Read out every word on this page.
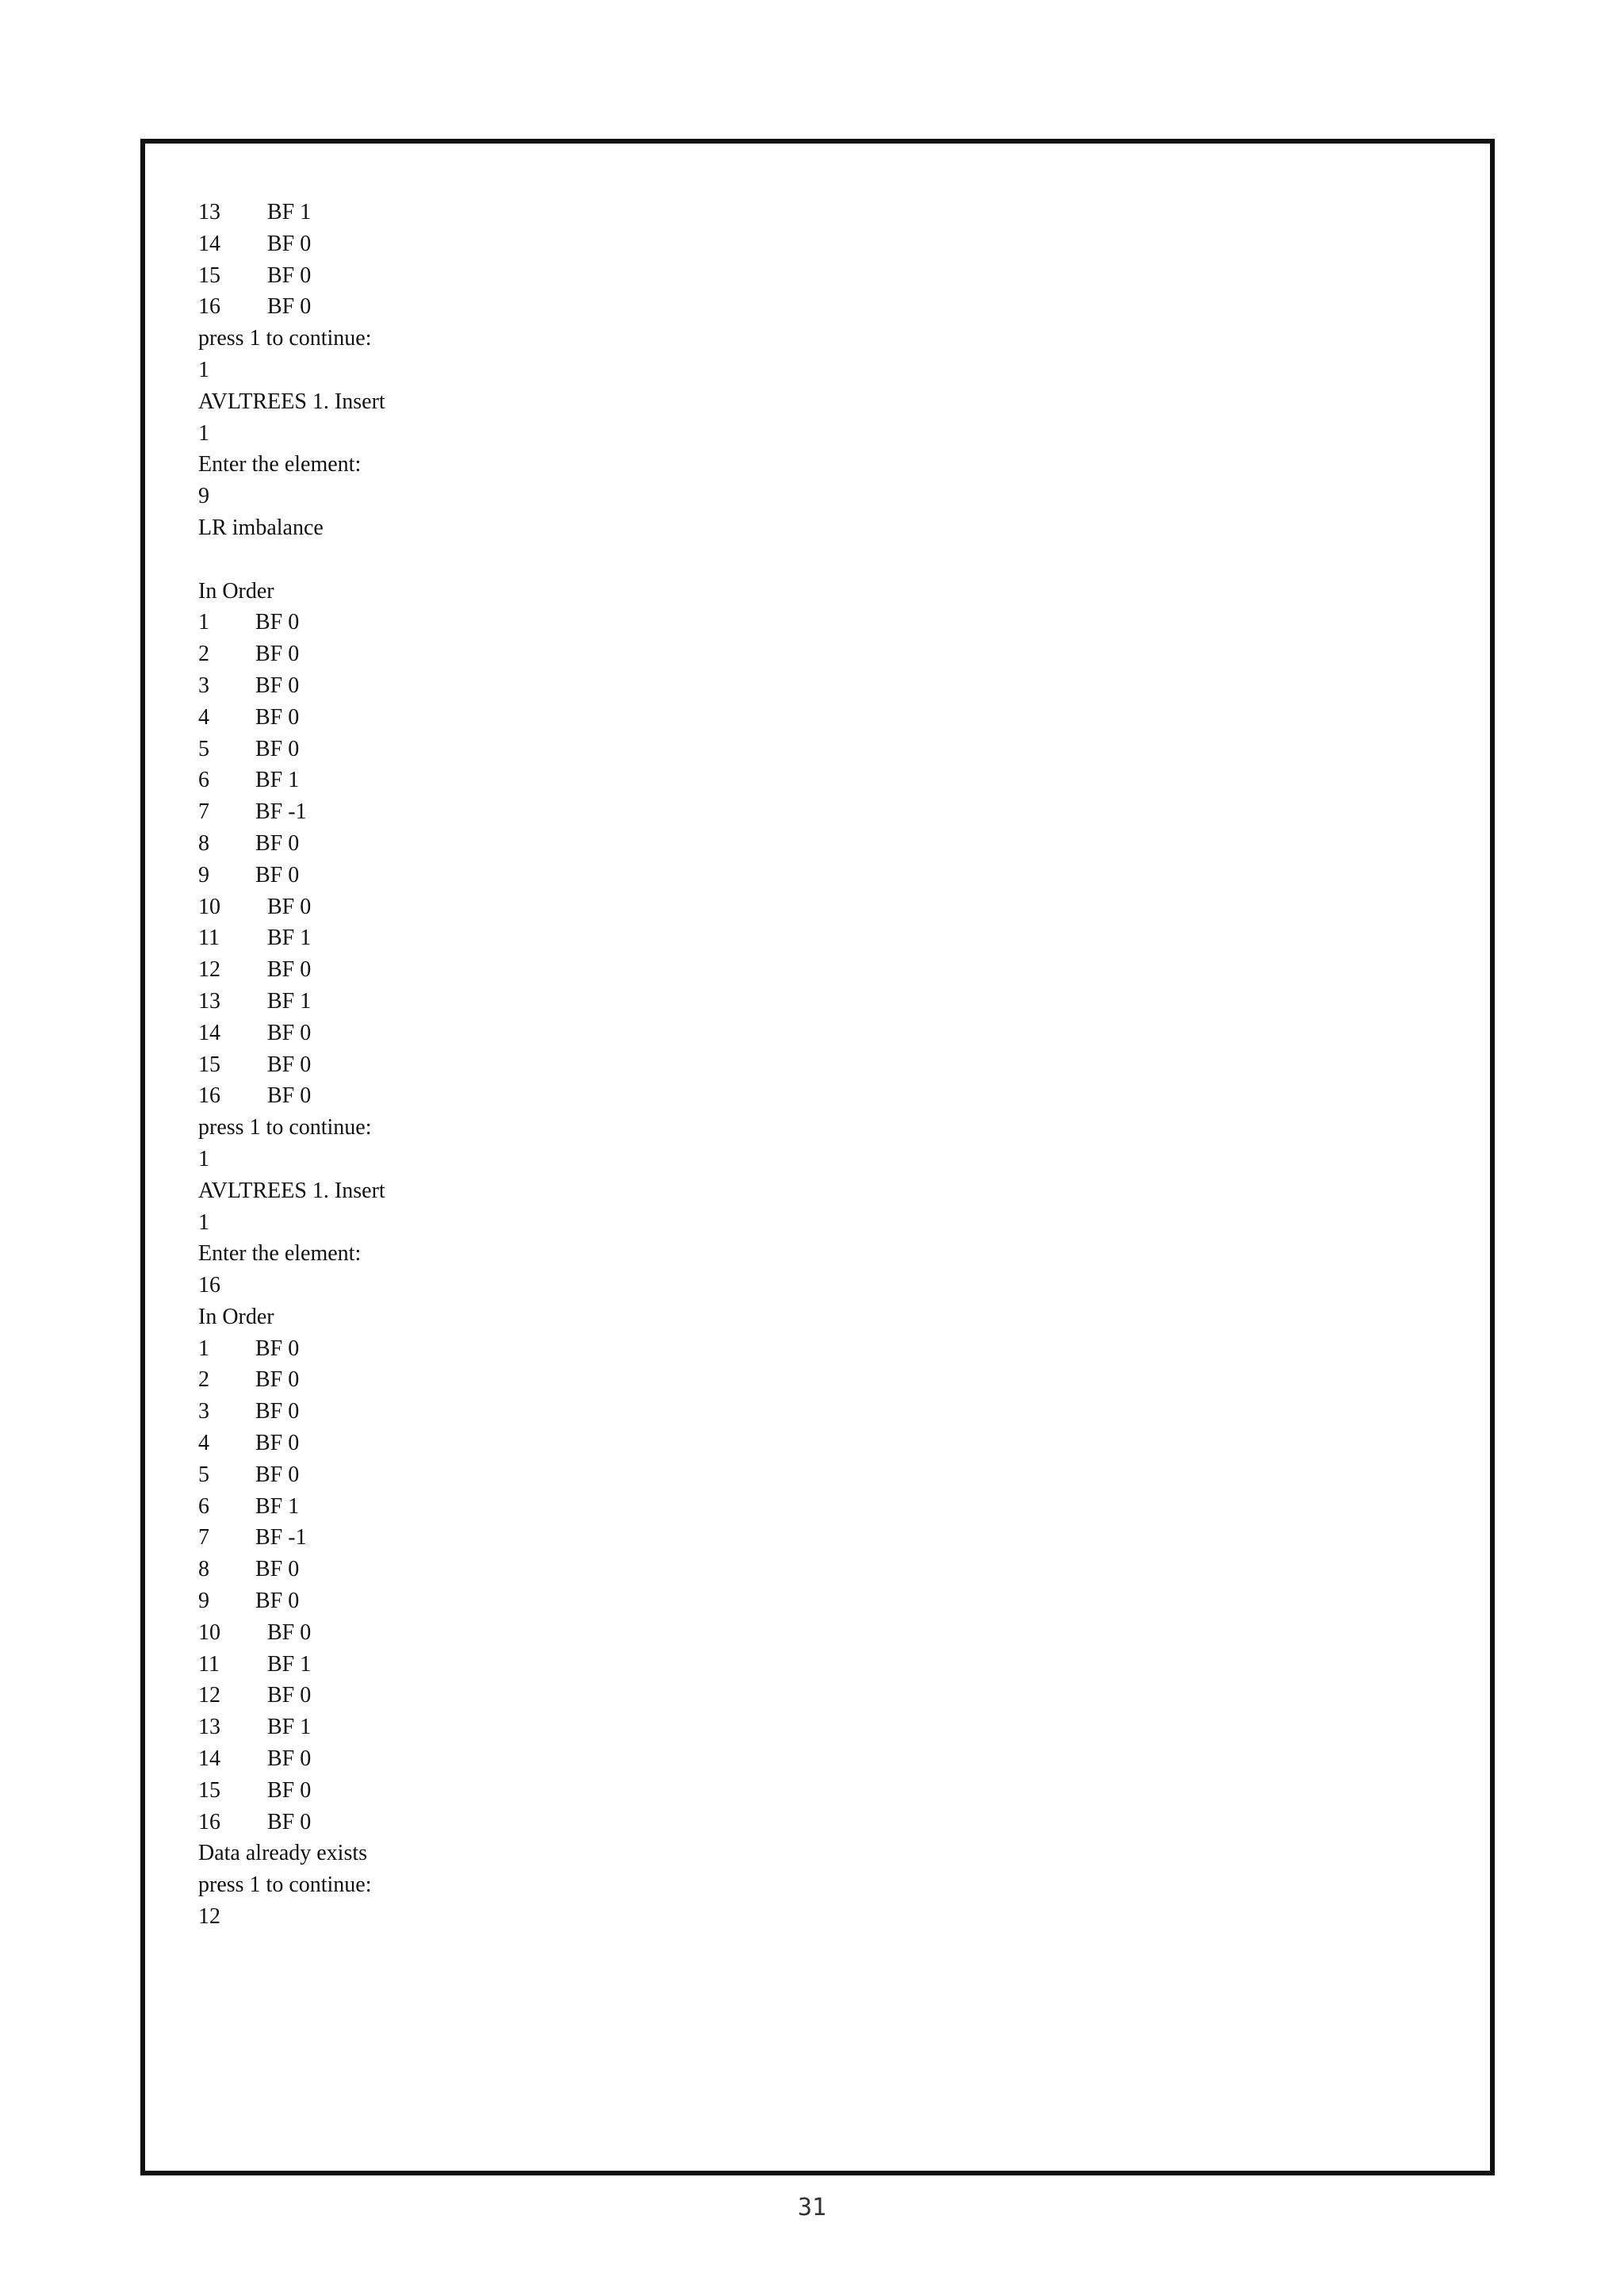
13 BF 1
14 BF 0
15 BF 0
16 BF 0
press 1 to continue:
1
AVLTREES 1. Insert
1
Enter the element:
9
LR imbalance
In Order
1 BF 0
2 BF 0
3 BF 0
4 BF 0
5 BF 0
6 BF 1
7 BF -1
8 BF 0
9 BF 0
10 BF 0
11 BF 1
12 BF 0
13 BF 1
14 BF 0
15 BF 0
16 BF 0
press 1 to continue:
1
AVLTREES 1. Insert
1
Enter the element:
16
In Order
1 BF 0
2 BF 0
3 BF 0
4 BF 0
5 BF 0
6 BF 1
7 BF -1
8 BF 0
9 BF 0
10 BF 0
11 BF 1
12 BF 0
13 BF 1
14 BF 0
15 BF 0
16 BF 0
Data already exists
press 1 to continue:
12
31
